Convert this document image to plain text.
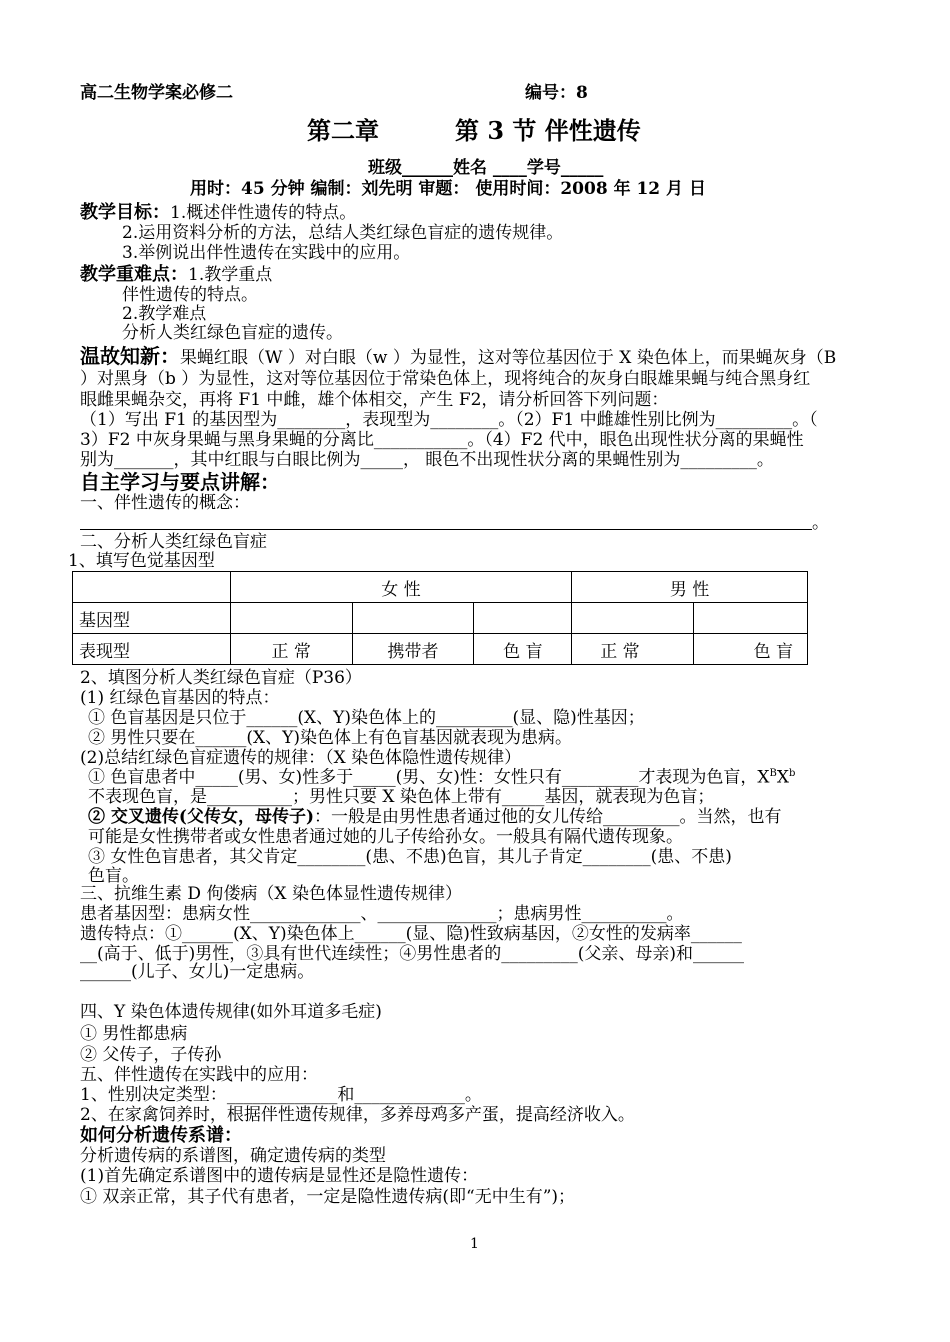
高二生物学案必修二	编号：8
第二章	第 3 节 伴性遗传
班级______姓名 ____学号_____
用时：45 分钟 编制：刘先明 审题： 使用时间：2008 年 12 月 日
教学目标：1.概述伴性遗传的特点。
2.运用资料分析的方法，总结人类红绿色盲症的遗传规律。
3.举例说出伴性遗传在实践中的应用。
教学重难点：1.教学重点
伴性遗传的特点。
2.教学难点
分析人类红绿色盲症的遗传。
温故知新：果蝇红眼（W ）对白眼（w ）为显性，这对等位基因位于 X 染色体上，而果蝇灰身（B
）对黑身（b ）为显性，这对等位基因位于常染色体上，现将纯合的灰身白眼雄果蝇与纯合黑身红
眼雌果蝇杂交，再将 F1 中雌，雄个体相交，产生 F2，请分析回答下列问题：
（1）写出 F1 的基因型为________，表现型为________。（2）F1 中雌雄性别比例为_________。（
3）F2 中灰身果蝇与黑身果蝇的分离比___________。（4）F2 代中，眼色出现性状分离的果蝇性
别为_______，其中红眼与白眼比例为_____， 眼色不出现性状分离的果蝇性别为_________。
自主学习与要点讲解：
一、伴性遗传的概念：
。
二、分析人类红绿色盲症
1、填写色觉基因型
	女 性			男 性	
基因型					
表现型	正 常	携带者	色 盲	正 常	色 盲
2、填图分析人类红绿色盲症（P36）
(1) 红绿色盲基因的特点：
① 色盲基因是只位于______(X、Y)染色体上的_________(显、隐)性基因；
② 男性只要在______(X、Y)染色体上有色盲基因就表现为患病。
(2)总结红绿色盲症遗传的规律：（X 染色体隐性遗传规律）
① 色盲患者中_____(男、女)性多于_____(男、女)性：女性只有_________才表现为色盲，$X^BX^b$
不表现色盲，是__________；男性只要 X 染色体上带有_____基因，就表现为色盲；
② 交叉遗传(父传女，母传子)：一般是由男性患者通过他的女儿传给_________。当然，也有
可能是女性携带者或女性患者通过她的儿子传给孙女。一般具有隔代遗传现象。
③ 女性色盲患者，其父肯定________(患、不患)色盲，其儿子肯定________(患、不患)
色盲。
三、抗维生素 D 佝偻病（X 染色体显性遗传规律）
患者基因型：患病女性_____________、______________；患病男性__________。
遗传特点：①______(X、Y)染色体上______(显、隐)性致病基因，②女性的发病率______
__(高于、低于)男性，③具有世代连续性；④男性患者的_________(父亲、母亲)和______
______(儿子、女儿)一定患病。
四、Y 染色体遗传规律(如外耳道多毛症)
① 男性都患病
② 父传子，子传孙
五、伴性遗传在实践中的应用：
1、性别决定类型：_____________和_____________。
2、在家禽饲养时，根据伴性遗传规律，多养母鸡多产蛋，提高经济收入。
如何分析遗传系谱：
分析遗传病的系谱图，确定遗传病的类型
(1)首先确定系谱图中的遗传病是显性还是隐性遗传：
① 双亲正常，其子代有患者，一定是隐性遗传病(即“无中生有”)；
1
